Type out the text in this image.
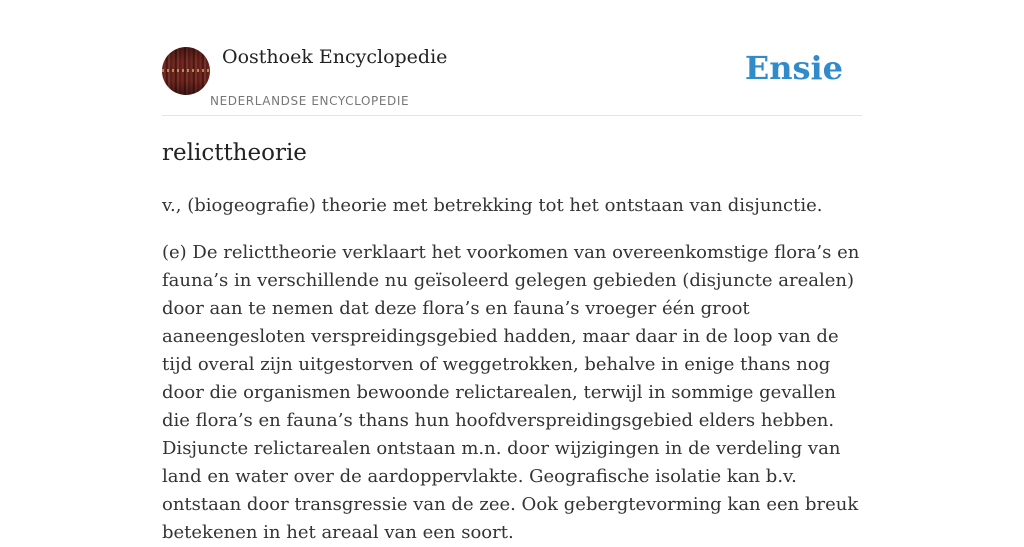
Oosthoek Encyclopedie
NEDERLANDSE ENCYCLOPEDIE
Ensie
relicttheorie

v., (biogeografie) theorie met betrekking tot het ontstaan van disjunctie.

(e) De relicttheorie verklaart het voorkomen van overeenkomstige flora’s en fauna’s in verschillende nu geïsoleerd gelegen gebieden (disjuncte arealen) door aan te nemen dat deze flora’s en fauna’s vroeger één groot aaneengesloten verspreidingsgebied hadden, maar daar in de loop van de tijd overal zijn uitgestorven of weggetrokken, behalve in enige thans nog door die organismen bewoonde relictarealen, terwijl in sommige gevallen die flora’s en fauna’s thans hun hoofdverspreidingsgebied elders hebben. Disjuncte relictarealen ontstaan m.n. door wijzigingen in de verdeling van land en water over de aardoppervlakte. Geografische isolatie kan b.v. ontstaan door transgressie van de zee. Ook gebergtevorming kan een breuk betekenen in het areaal van een soort.
